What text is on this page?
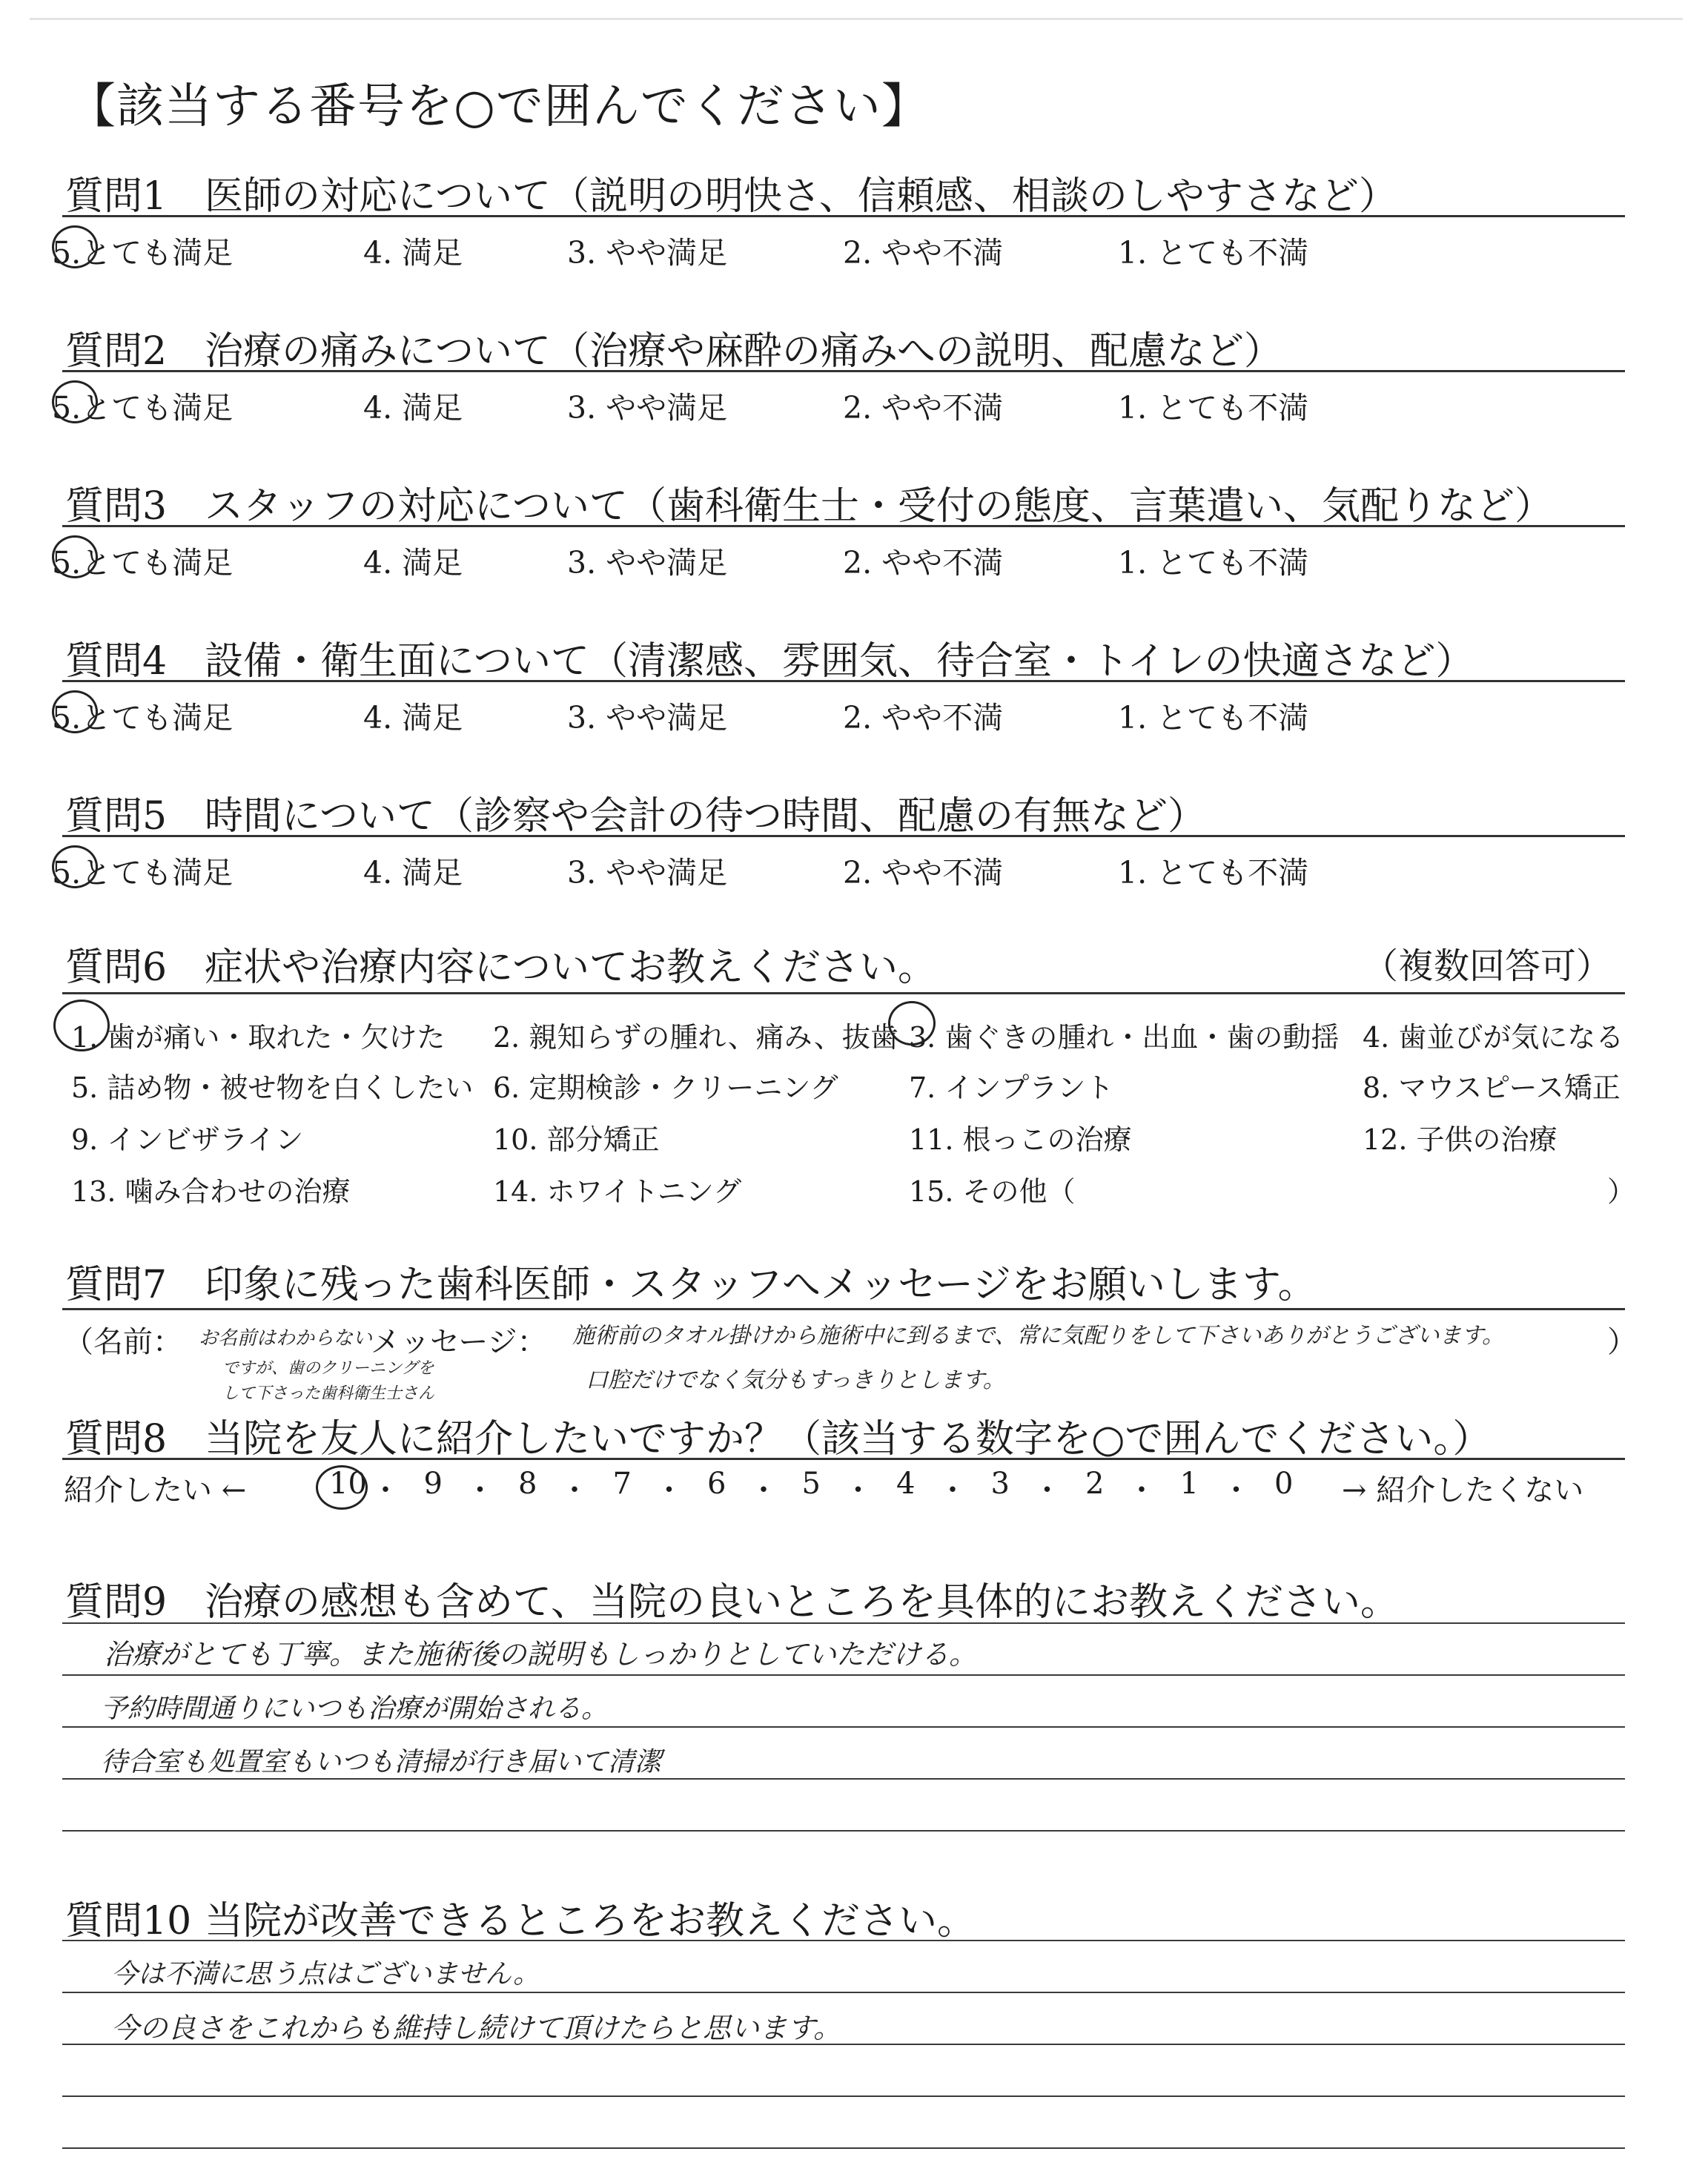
【該当する番号を○で囲んでください】
質問1 医師の対応について（説明の明快さ、信頼感、相談のしやすさなど）
5.とても満足	4. 満足	3. やや満足	2. やや不満	1. とても不満
質問2 治療の痛みについて（治療や麻酔の痛みへの説明、配慮など）
5.とても満足	4. 満足	3. やや満足	2. やや不満	1. とても不満
質問3 スタッフの対応について（歯科衛生士・受付の態度、言葉遣い、気配りなど）
5.とても満足	4. 満足	3. やや満足	2. やや不満	1. とても不満
質問4 設備・衛生面について（清潔感、雰囲気、待合室・トイレの快適さなど）
5.とても満足	4. 満足	3. やや満足	2. やや不満	1. とても不満
質問5 時間について（診察や会計の待つ時間、配慮の有無など）
5.とても満足	4. 満足	3. やや満足	2. やや不満	1. とても不満
質問6 症状や治療内容についてお教えください。	（複数回答可）
1. 歯が痛い・取れた・欠けた 2. 親知らずの腫れ、痛み、抜歯 3. 歯ぐきの腫れ・出血・歯の動揺 4. 歯並びが気になる
5. 詰め物・被せ物を白くしたい 6. 定期検診・クリーニング	7. インプラント	8. マウスピース矯正
9. インビザライン	10. 部分矯正	11. 根っこの治療	12. 子供の治療
13. 噛み合わせの治療	14. ホワイトニング	15. その他（	）
質問7 印象に残った歯科医師・スタッフへメッセージをお願いします。
（名前：	メッセージ：	）
お名前はわからない
ですが、歯のクリーニングを
して下さった歯科衛生士さん
施術前のタオル掛けから施術中に到るまで、常に気配りをして下さいありがとうございます。
口腔だけでなく気分もすっきりとします。
質問8 当院を友人に紹介したいですか？（該当する数字を○で囲んでください。）
紹介したい ←	10 ・ 9 ・ 8 ・ 7 ・ 6 ・ 5 ・ 4 ・ 3 ・ 2 ・ 1 ・ 0 → 紹介したくない
質問9 治療の感想も含めて、当院の良いところを具体的にお教えください。
治療がとても丁寧。また施術後の説明もしっかりとしていただける。
予約時間通りにいつも治療が開始される。
待合室も処置室もいつも清掃が行き届いて清潔
質問10 当院が改善できるところをお教えください。
今は不満に思う点はございません。
今の良さをこれからも維持し続けて頂けたらと思います。
